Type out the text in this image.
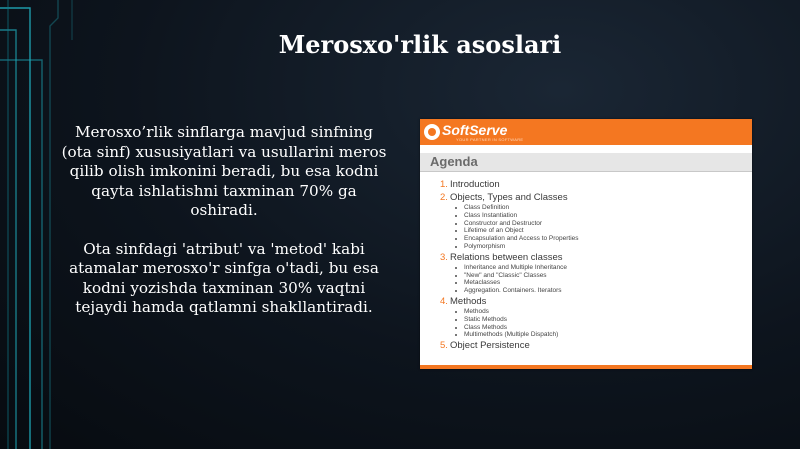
Merosxo'rlik asoslari

Merosxo’rlik sinflarga mavjud sinfning (ota sinf) xususiyatlari va usullarini meros qilib olish imkonini beradi, bu esa kodni qayta ishlatishni taxminan 70% ga oshiradi.

Ota sinfdagi 'atribut' va 'metod' kabi atamalar merosxo'r sinfga o'tadi, bu esa kodni yozishda taxminan 30% vaqtni tejaydi hamda qatlamni shakllantiradi.

SoftServe
YOUR PARTNER IN SOFTWARE
Agenda
1. Introduction
2. Objects, Types and Classes
Class Definition
Class Instantiation
Constructor and Destructor
Lifetime of an Object
Encapsulation and Access to Properties
Polymorphism
3. Relations between classes
Inheritance and Multiple Inheritance
"New" and "Classic" Classes
Metaclasses
Aggregation. Containers. Iterators
4. Methods
Methods
Static Methods
Class Methods
Multimethods (Multiple Dispatch)
5. Object Persistence
